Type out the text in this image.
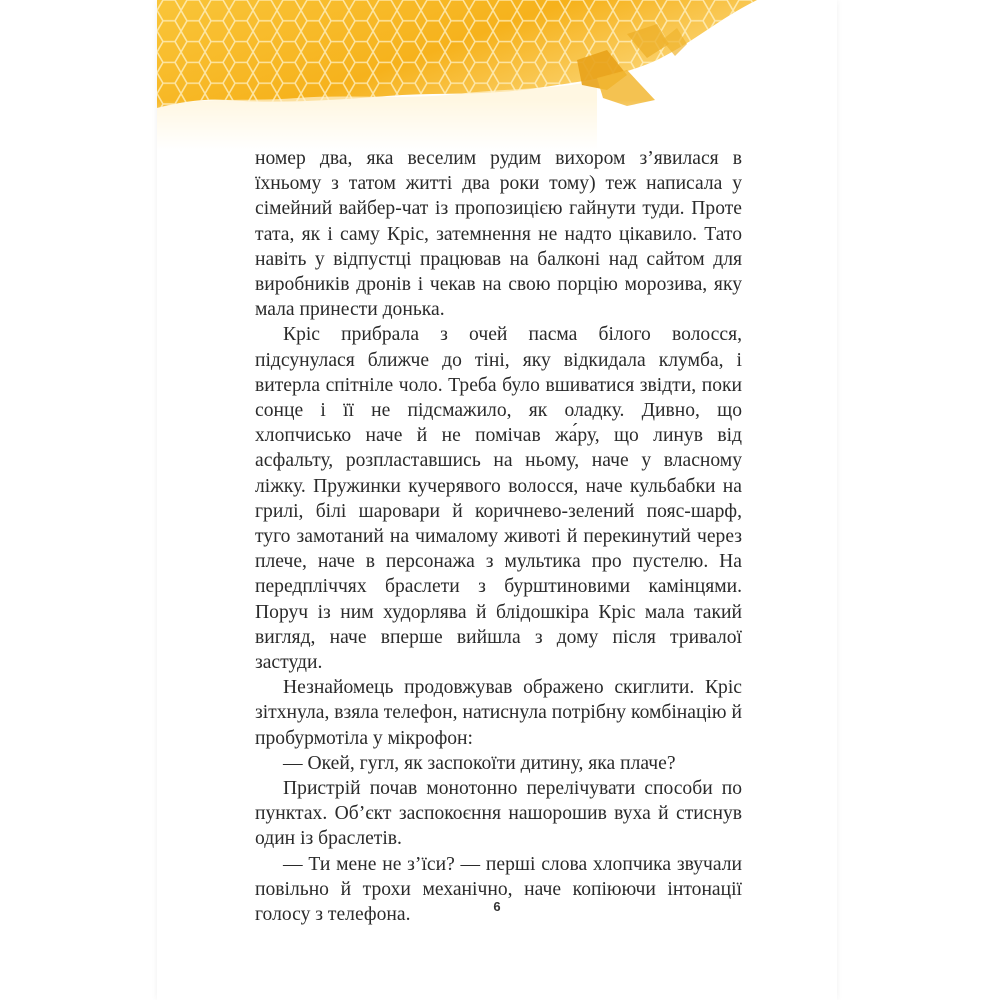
номер два, яка веселим рудим вихором з’явилася в їхньому з татом житті два роки тому) теж написала у сімейний вайбер-чат із пропозицією гайнути туди. Проте тата, як і саму Кріс, затемнення не надто цікавило. Тато навіть у відпустці працював на балконі над сайтом для виробників дронів і чекав на свою порцію морозива, яку мала принести донька.

Кріс прибрала з очей пасма білого волосся, підсунулася ближче до тіні, яку відкидала клумба, і витерла спітніле чоло. Треба було вшиватися звідти, поки сонце і її не підсмажило, як оладку. Дивно, що хлопчисько наче й не помічав жа́ру, що линув від асфальту, розпластавшись на ньому, наче у власному ліжку. Пружинки кучерявого волосся, наче кульбабки на грилі, білі шаровари й коричнево-зелений пояс-шарф, туго замотаний на чималому животі й перекинутий через плече, наче в персонажа з мультика про пустелю. На передпліччях браслети з бурштиновими камінцями. Поруч із ним худорлява й блідошкіра Кріс мала такий вигляд, наче вперше вийшла з дому після тривалої застуди.

Незнайомець продовжував ображено скиглити. Кріс зітхнула, взяла телефон, натиснула потрібну комбінацію й пробурмотіла у мікрофон:

— Окей, гугл, як заспокоїти дитину, яка плаче?

Пристрій почав монотонно перелічувати способи по пунктах. Об’єкт заспокоєння нашорошив вуха й стиснув один із браслетів.

— Ти мене не з’їси? — перші слова хлопчика звучали повільно й трохи механічно, наче копіюючи інтонації голосу з телефона.	6
